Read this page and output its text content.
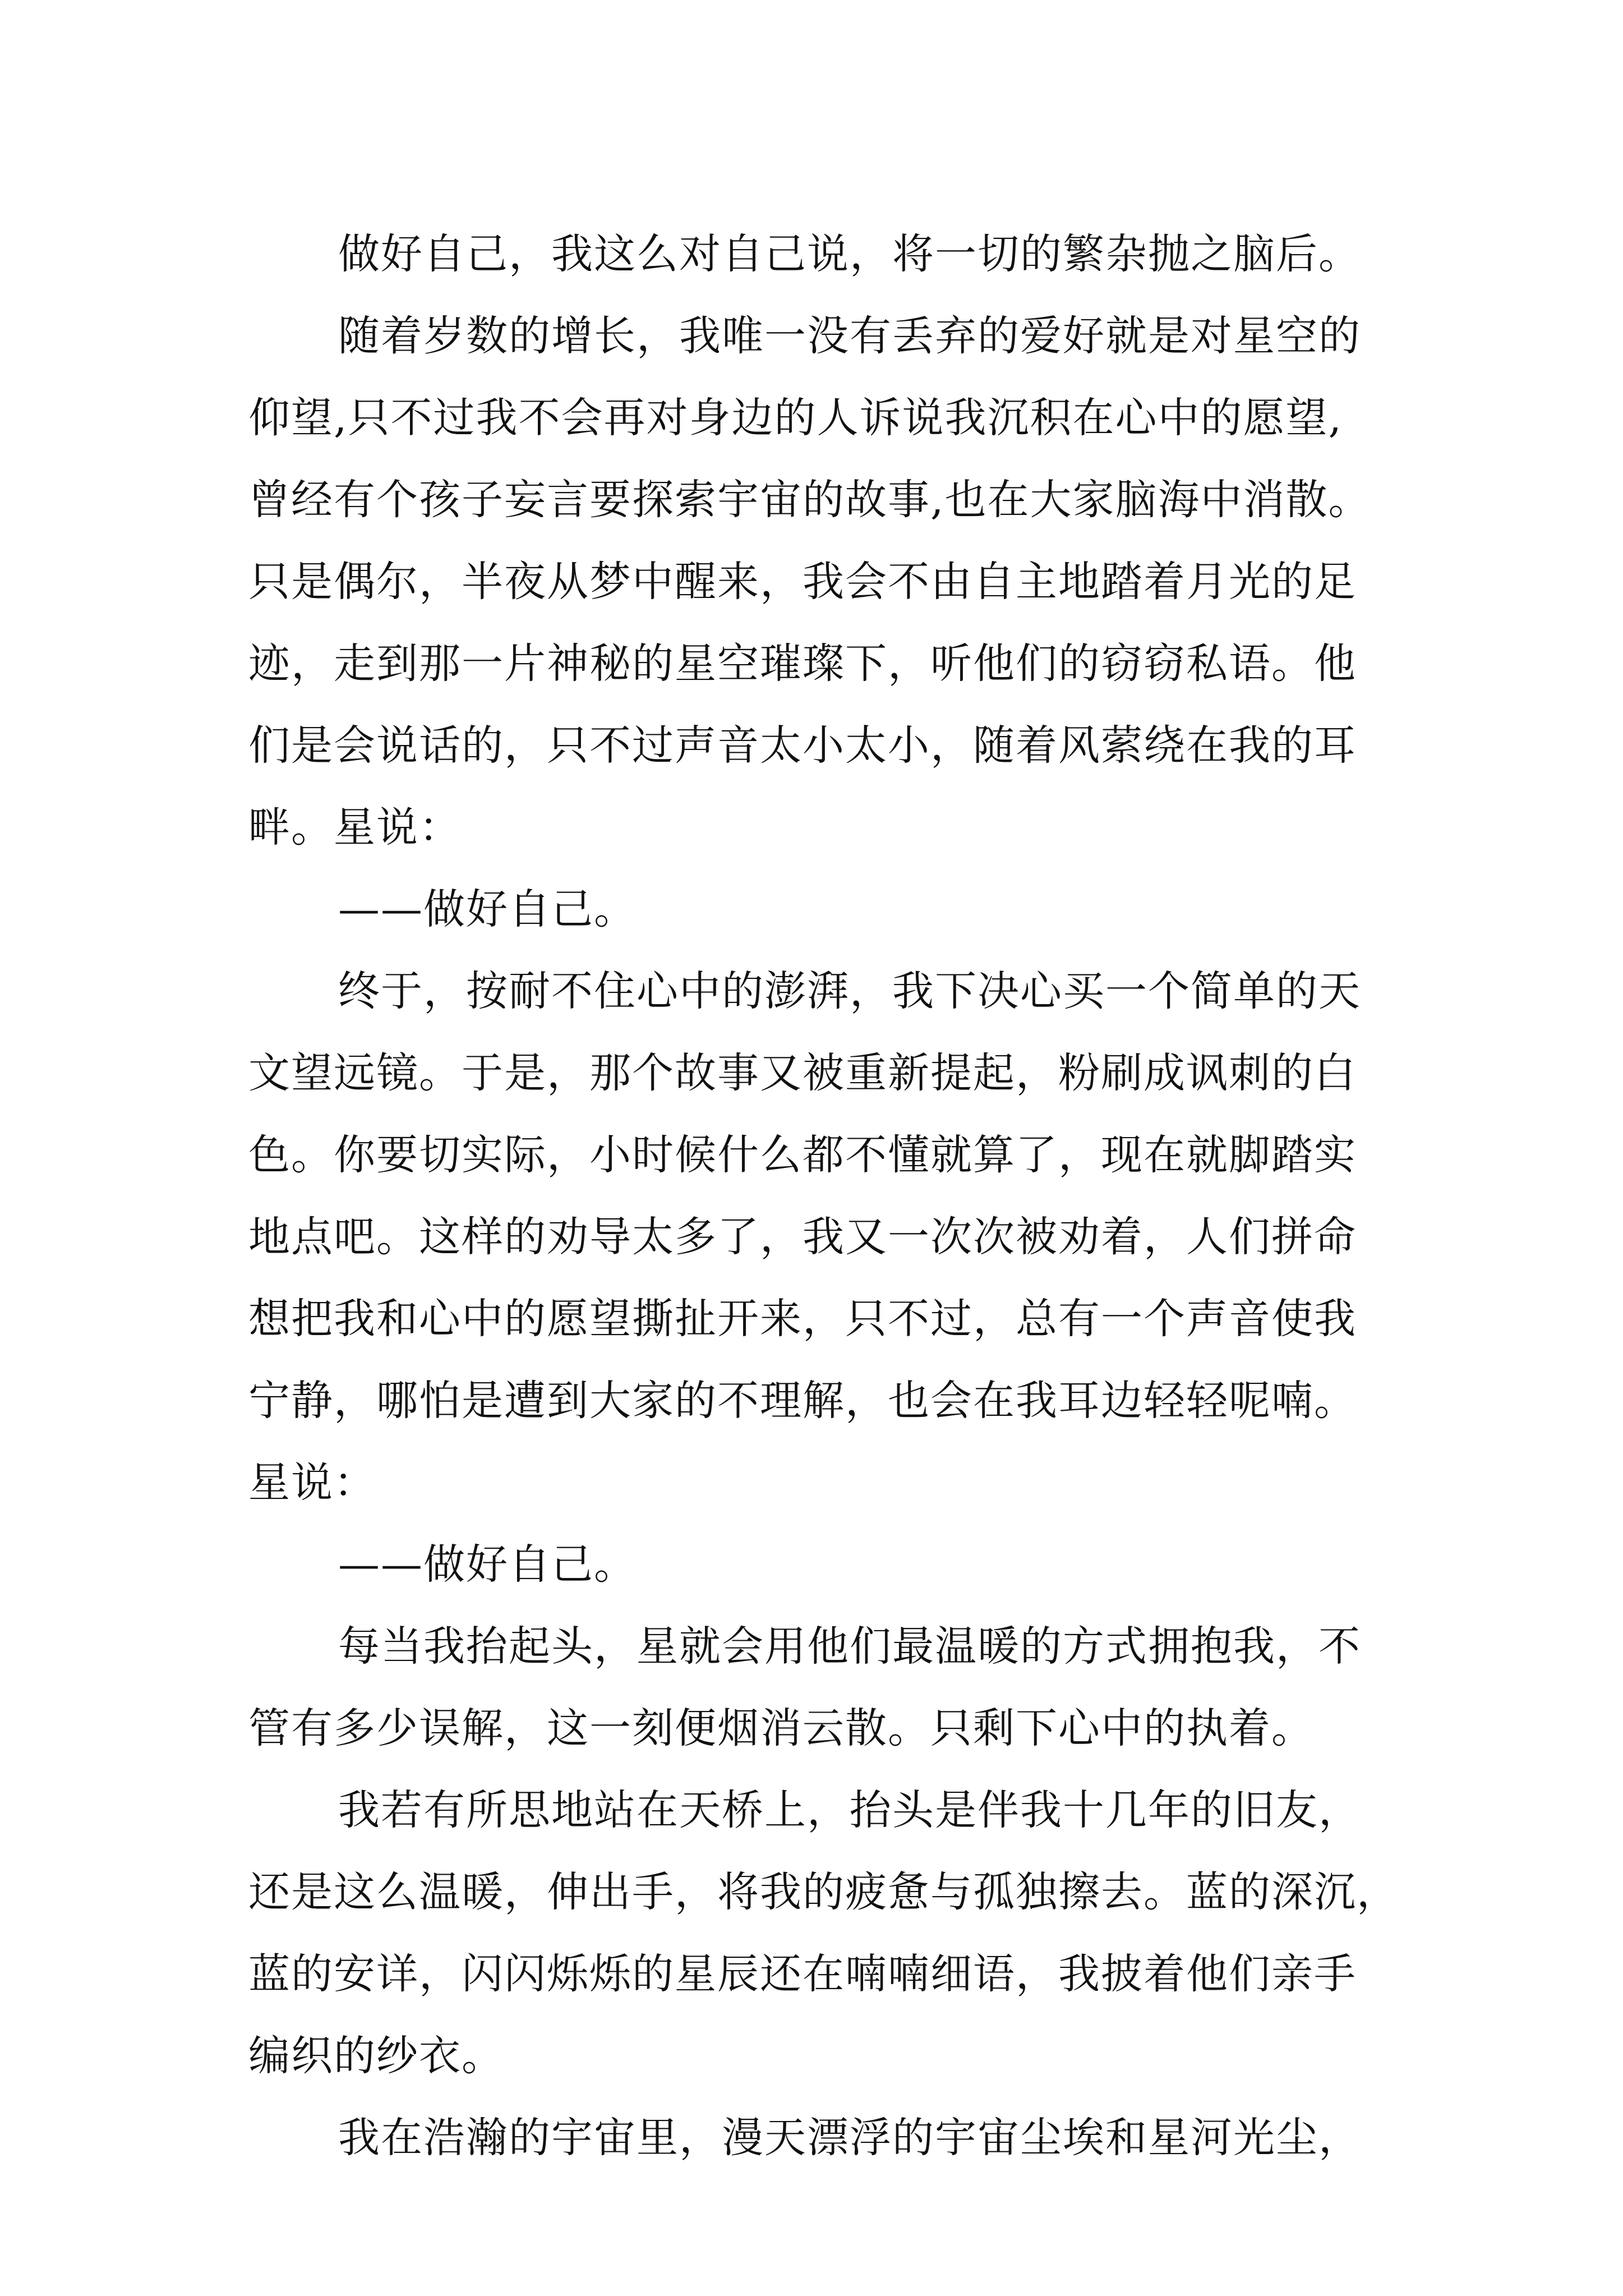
做好自己，我这么对自己说，将一切的繁杂抛之脑后。
随着岁数的增长，我唯一没有丢弃的爱好就是对星空的
仰望,只不过我不会再对身边的人诉说我沉积在心中的愿望,
曾经有个孩子妄言要探索宇宙的故事,也在大家脑海中消散。
只是偶尔，半夜从梦中醒来，我会不由自主地踏着月光的足
迹，走到那一片神秘的星空璀璨下，听他们的窃窃私语。他
们是会说话的，只不过声音太小太小，随着风萦绕在我的耳
畔。星说：
——做好自己。
终于，按耐不住心中的澎湃，我下决心买一个简单的天
文望远镜。于是，那个故事又被重新提起，粉刷成讽刺的白
色。你要切实际，小时候什么都不懂就算了，现在就脚踏实
地点吧。这样的劝导太多了，我又一次次被劝着，人们拼命
想把我和心中的愿望撕扯开来，只不过，总有一个声音使我
宁静，哪怕是遭到大家的不理解，也会在我耳边轻轻呢喃。
星说：
——做好自己。
每当我抬起头，星就会用他们最温暖的方式拥抱我，不
管有多少误解，这一刻便烟消云散。只剩下心中的执着。
我若有所思地站在天桥上，抬头是伴我十几年的旧友，
还是这么温暖，伸出手，将我的疲惫与孤独擦去。蓝的深沉，
蓝的安详，闪闪烁烁的星辰还在喃喃细语，我披着他们亲手
编织的纱衣。
我在浩瀚的宇宙里，漫天漂浮的宇宙尘埃和星河光尘，
